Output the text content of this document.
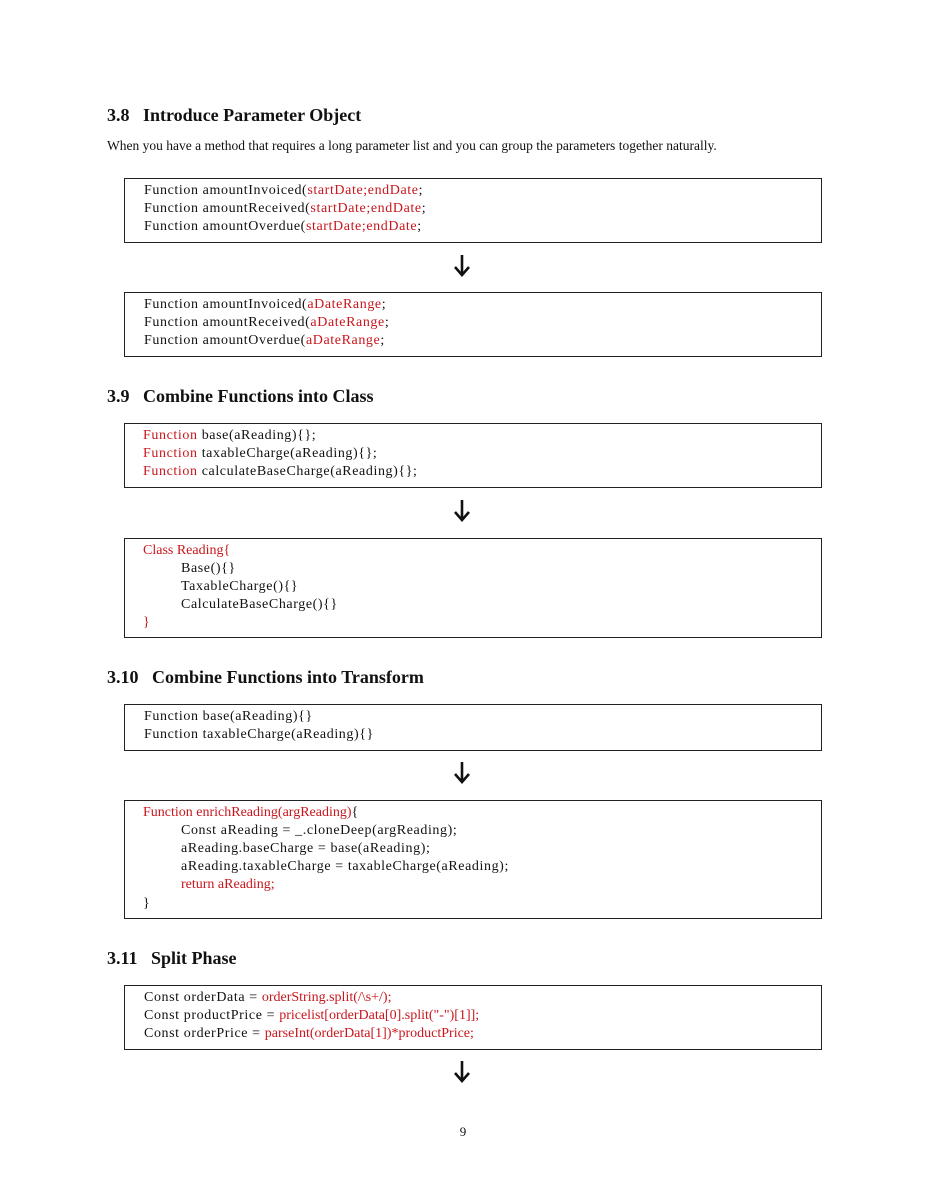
3.8 Introduce Parameter Object
When you have a method that requires a long parameter list and you can group the parameters together naturally.
Function amountInvoiced(startDate;endDate;
Function amountReceived(startDate;endDate;
Function amountOverdue(startDate;endDate;
Function amountInvoiced(aDateRange;
Function amountReceived(aDateRange;
Function amountOverdue(aDateRange;
3.9 Combine Functions into Class
Function base(aReading){};
Function taxableCharge(aReading){};
Function calculateBaseCharge(aReading){};
Class Reading{
Base(){}
TaxableCharge(){}
CalculateBaseCharge(){}
}
3.10 Combine Functions into Transform
Function base(aReading){}
Function taxableCharge(aReading){}
Function enrichReading(argReading){
Const aReading = _.cloneDeep(argReading);
aReading.baseCharge = base(aReading);
aReading.taxableCharge = taxableCharge(aReading);
return aReading;
}
3.11 Split Phase
Const orderData = orderString.split(/\s+/);
Const productPrice = pricelist[orderData[0].split("-")[1]];
Const orderPrice = parseInt(orderData[1])*productPrice;
9
